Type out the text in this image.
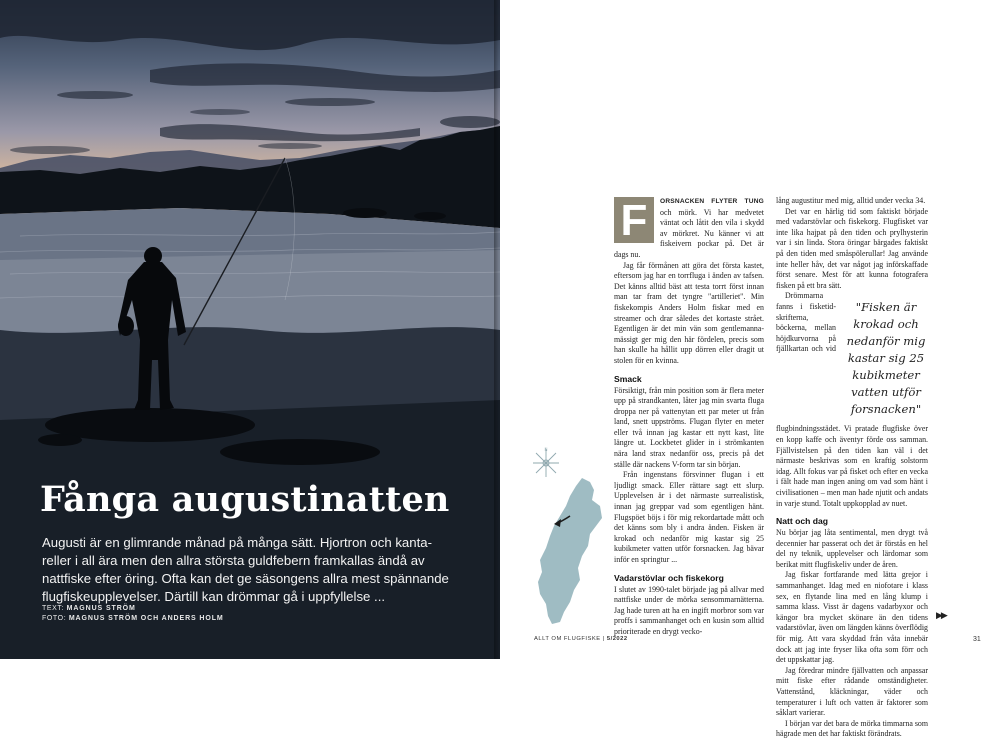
Fånga augustinatten

Augusti är en glimrande månad på många sätt. Hjortron och kantareller i all ära men den allra största guldfebern framkallas ändå av nattfiske efter öring. Ofta kan det ge säsongens allra mest spännande flugfiskeupplevelser. Därtill kan drömmar gå i uppfyllelse ...

TEXT: MAGNUS STRÖM
FOTO: MAGNUS STRÖM OCH ANDERS HOLM

F	ORSNACKEN FLYTER TUNG och mörk. Vi har medvetet väntat och låtit den vila i skydd av mörkret. Nu känner vi att fiskeivern pockar på. Det är dags nu.

Jag får förmånen att göra det första kastet, eftersom jag har en torrfluga i änden av tafsen. Det känns alltid bäst att testa torrt först innan man tar fram det tyngre "artilleriet". Min fiskekompis Anders Holm fiskar med en streamer och drar således det kortaste strået. Egentligen är det min vän som gentlemannamässigt ger mig den här fördelen, precis som han skulle ha hållit upp dörren eller dragit ut stolen för en kvinna.

Smack

Försiktigt, från min position som är flera meter upp på strandkanten, låter jag min svarta fluga droppa ner på vattenytan ett par meter ut från land, snett uppströms. Flugan flyter en meter eller två innan jag kastar ett nytt kast, lite längre ut. Lockbetet glider in i strömkanten nära land strax nedanför oss, precis på det ställe där nackens V-form tar sin början.

Från ingenstans försvinner flugan i ett ljudligt smack. Eller rättare sagt ett slurp. Upplevelsen är i det närmaste surrealistisk, innan jag greppar vad som egentligen hänt. Flugspöet böjs i för mig rekordartade mått och det känns som bly i andra änden. Fisken är krokad och nedanför mig kastar sig 25 kubikmeter vatten utför forsnacken. Jag bävar inför en springtur ...

Vadarstövlar och fiskekorg

I slutet av 1990-talet började jag på allvar med nattfiske under de mörka sensommarnätterna. Jag hade turen att ha en ingift morbror som var proffs i sammanhanget och en kusin som alltid prioriterade en drygt vecko-

lång augustitur med mig, alltid under vecka 34.

Det var en härlig tid som faktiskt började med vadarstövlar och fiskekorg. Flugfisket var inte lika hajpat på den tiden och prylhysterin var i sin linda. Stora öringar bärgades faktiskt på den tiden med småspölerullar! Jag använde inte heller håv, det var något jag införskaffade först senare. Mest för att kunna fotografera fisken på ett bra sätt.

"Fisken är krokad och nedanför mig kastar sig 25 kubikmeter vatten utför forsnacken"

Drömmarna fanns i fisketidskrifterna, böckerna, mellan höjdkurvorna på fjällkartan och vid flugbindningsstädet. Vi pratade flugfiske över en kopp kaffe och äventyr förde oss samman. Fjällvistelsen på den tiden kan väl i det närmaste beskrivas som en kraftig solstorm idag. Allt fokus var på fisket och efter en vecka i fält hade man ingen aning om vad som hänt i civilisationen – men man hade njutit och andats in varje stund. Totalt uppkopplad av nuet.

Natt och dag

Nu börjar jag låta sentimental, men drygt två decennier har passerat och det är förstås en hel del ny teknik, upplevelser och lärdomar som berikat mitt flugfiskeliv under de åren.

Jag fiskar fortfarande med lätta grejor i sammanhanget. Idag med en niofotare i klass sex, en flytande lina med en lång klump i samma klass. Visst är dagens vadarbyxor och kängor bra mycket skönare än den tidens vadarstövlar, även om längden känns överflödig för mig. Att vara skyddad från våta innebär dock att jag inte fryser lika ofta som förr och det uppskattar jag.

Jag föredrar mindre fjällvatten och anpassar mitt fiske efter rådande omständigheter. Vattenstånd, kläckningar, väder och temperaturer i luft och vatten är faktorer som såklart varierar.

I början var det bara de mörka timmarna som hägrade men det har faktiskt förändrats.

N
ALLT OM FLUGFISKE | 5/2022
▶▶
31
